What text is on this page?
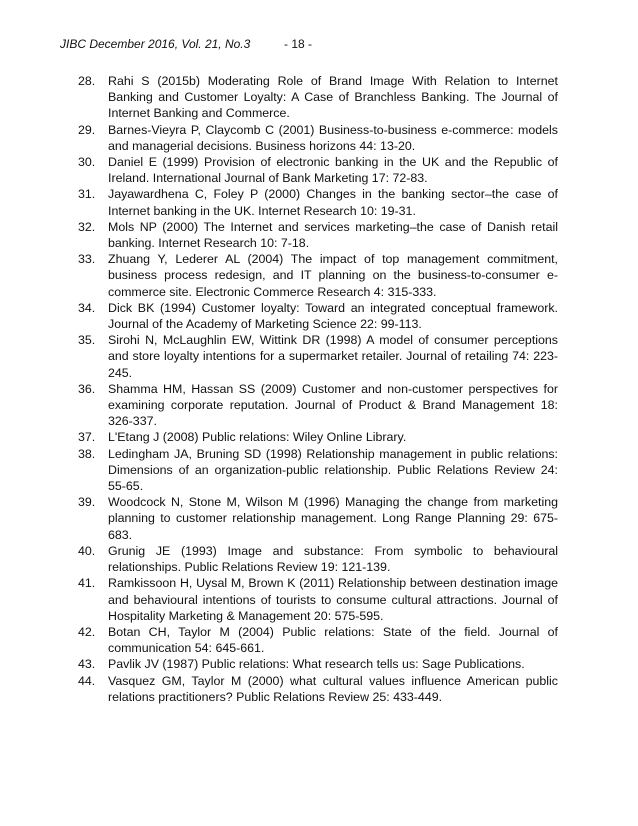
JIBC December 2016, Vol. 21, No.3	- 18 -
28.	Rahi S (2015b) Moderating Role of Brand Image With Relation to Internet Banking and Customer Loyalty: A Case of Branchless Banking. The Journal of Internet Banking and Commerce.
29.	Barnes-Vieyra P, Claycomb C (2001) Business-to-business e-commerce: models and managerial decisions. Business horizons 44: 13-20.
30.	Daniel E (1999) Provision of electronic banking in the UK and the Republic of Ireland. International Journal of Bank Marketing 17: 72-83.
31.	Jayawardhena C, Foley P (2000) Changes in the banking sector–the case of Internet banking in the UK. Internet Research 10: 19-31.
32.	Mols NP (2000) The Internet and services marketing–the case of Danish retail banking. Internet Research 10: 7-18.
33.	Zhuang Y, Lederer AL (2004) The impact of top management commitment, business process redesign, and IT planning on the business-to-consumer e-commerce site. Electronic Commerce Research 4: 315-333.
34.	Dick BK (1994) Customer loyalty: Toward an integrated conceptual framework. Journal of the Academy of Marketing Science 22: 99-113.
35.	Sirohi N, McLaughlin EW, Wittink DR (1998) A model of consumer perceptions and store loyalty intentions for a supermarket retailer. Journal of retailing 74: 223-245.
36.	Shamma HM, Hassan SS (2009) Customer and non-customer perspectives for examining corporate reputation. Journal of Product & Brand Management 18: 326-337.
37.	L'Etang J (2008) Public relations: Wiley Online Library.
38.	Ledingham JA, Bruning SD (1998) Relationship management in public relations: Dimensions of an organization-public relationship. Public Relations Review 24: 55-65.
39.	Woodcock N, Stone M, Wilson M (1996) Managing the change from marketing planning to customer relationship management. Long Range Planning 29: 675-683.
40.	Grunig JE (1993) Image and substance: From symbolic to behavioural relationships. Public Relations Review 19: 121-139.
41.	Ramkissoon H, Uysal M, Brown K (2011) Relationship between destination image and behavioural intentions of tourists to consume cultural attractions. Journal of Hospitality Marketing & Management 20: 575-595.
42.	Botan CH, Taylor M (2004) Public relations: State of the field. Journal of communication 54: 645-661.
43.	Pavlik JV (1987) Public relations: What research tells us: Sage Publications.
44.	Vasquez GM, Taylor M (2000) what cultural values influence American public relations practitioners? Public Relations Review 25: 433-449.
